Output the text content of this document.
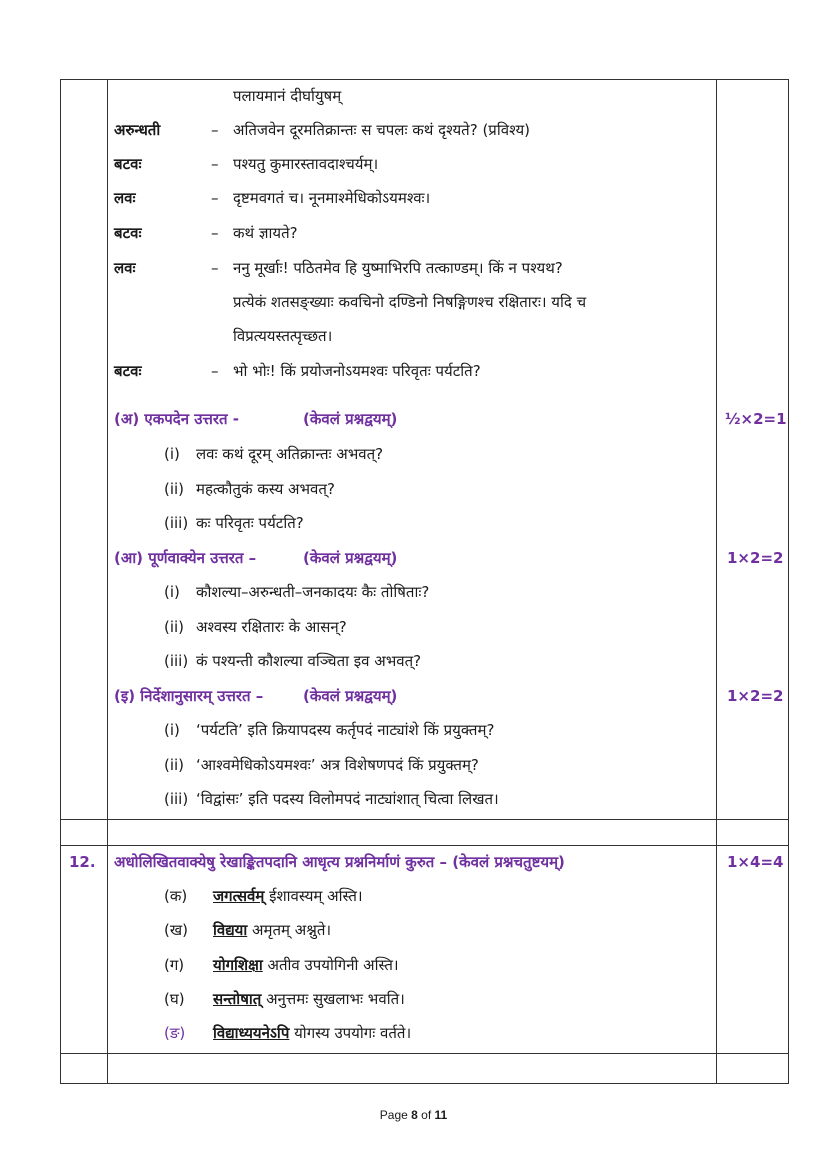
पलायमानं दीर्घायुषम्
अरुन्धती	– अतिजवेन दूरमतिक्रान्तः स चपलः कथं दृश्यते? (प्रविश्य)
बटवः	– पश्यतु कुमारस्तावदाश्चर्यम्।
लवः	– दृष्टमवगतं च। नूनमाश्मेधिकोऽयमश्वः।
बटवः	– कथं ज्ञायते?
लवः	– ननु मूर्खाः! पठितमेव हि युष्माभिरपि तत्काण्डम्। किं न पश्यथ?
प्रत्येकं शतसङ्ख्याः कवचिनो दण्डिनो निषङ्गिणश्च रक्षितारः। यदि च
विप्रत्ययस्तत्पृच्छत।
बटवः	– भो भोः! किं प्रयोजनोऽयमश्वः परिवृतः पर्यटति?
(अ) एकपदेन उत्तरत -	(केवलं प्रश्नद्वयम्)	½×2=1
(i) लवः कथं दूरम् अतिक्रान्तः अभवत्?
(ii) महत्कौतुकं कस्य अभवत्?
(iii) कः परिवृतः पर्यटति?
(आ) पूर्णवाक्येन उत्तरत –	(केवलं प्रश्नद्वयम्)	1×2=2
(i) कौशल्या–अरुन्धती–जनकादयः कैः तोषिताः?
(ii) अश्वस्य रक्षितारः के आसन्?
(iii) कं पश्यन्ती कौशल्या वञ्चिता इव अभवत्?
(इ) निर्देशानुसारम् उत्तरत –	(केवलं प्रश्नद्वयम्)	1×2=2
(i) ‘पर्यटति’ इति क्रियापदस्य कर्तृपदं नाट्यांशे किं प्रयुक्तम्?
(ii) ‘आश्वमेधिकोऽयमश्वः’ अत्र विशेषणपदं किं प्रयुक्तम्?
(iii) ‘विद्वांसः’ इति पदस्य विलोमपदं नाट्यांशात् चित्वा लिखत।
12. अधोलिखितवाक्येषु रेखाङ्कितपदानि आधृत्य प्रश्ननिर्माणं कुरुत – (केवलं प्रश्नचतुष्टयम्)	1×4=4
(क) जगत्सर्वम् ईशावस्यम् अस्ति।
(ख) विद्यया अमृतम् अश्नुते।
(ग) योगशिक्षा अतीव उपयोगिनी अस्ति।
(घ) सन्तोषात् अनुत्तमः सुखलाभः भवति।
(ङ) विद्याध्ययनेऽपि योगस्य उपयोगः वर्तते।
Page 8 of 11
